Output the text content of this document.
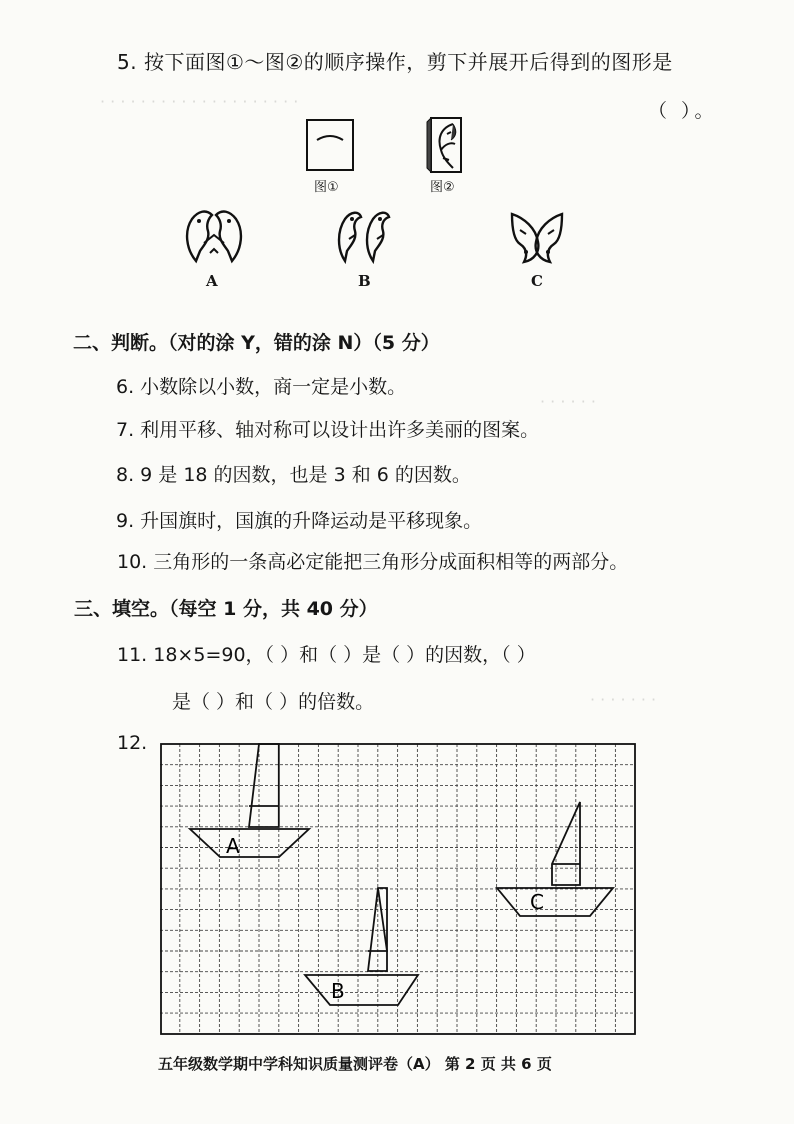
· · · · · · · · · · · · · · · · · · · ·
· · · · · ·
· · · · · · ·
5. 按下面图①～图②的顺序操作，剪下并展开后得到的图形是
（ ）。
图①	图②
A	B	C
二、判断。（对的涂 Y，错的涂 N）（5 分）
6. 小数除以小数，商一定是小数。
7. 利用平移、轴对称可以设计出许多美丽的图案。
8. 9 是 18 的因数，也是 3 和 6 的因数。
9. 升国旗时，国旗的升降运动是平移现象。
10. 三角形的一条高必定能把三角形分成面积相等的两部分。
三、填空。（每空 1 分，共 40 分）
11. 18×5=90，（ ）和（ ）是（ ）的因数，（ ）
是（ ）和（ ）的倍数。
12.
A
B
C
五年级数学期中学科知识质量测评卷（A） 第 2 页 共 6 页
